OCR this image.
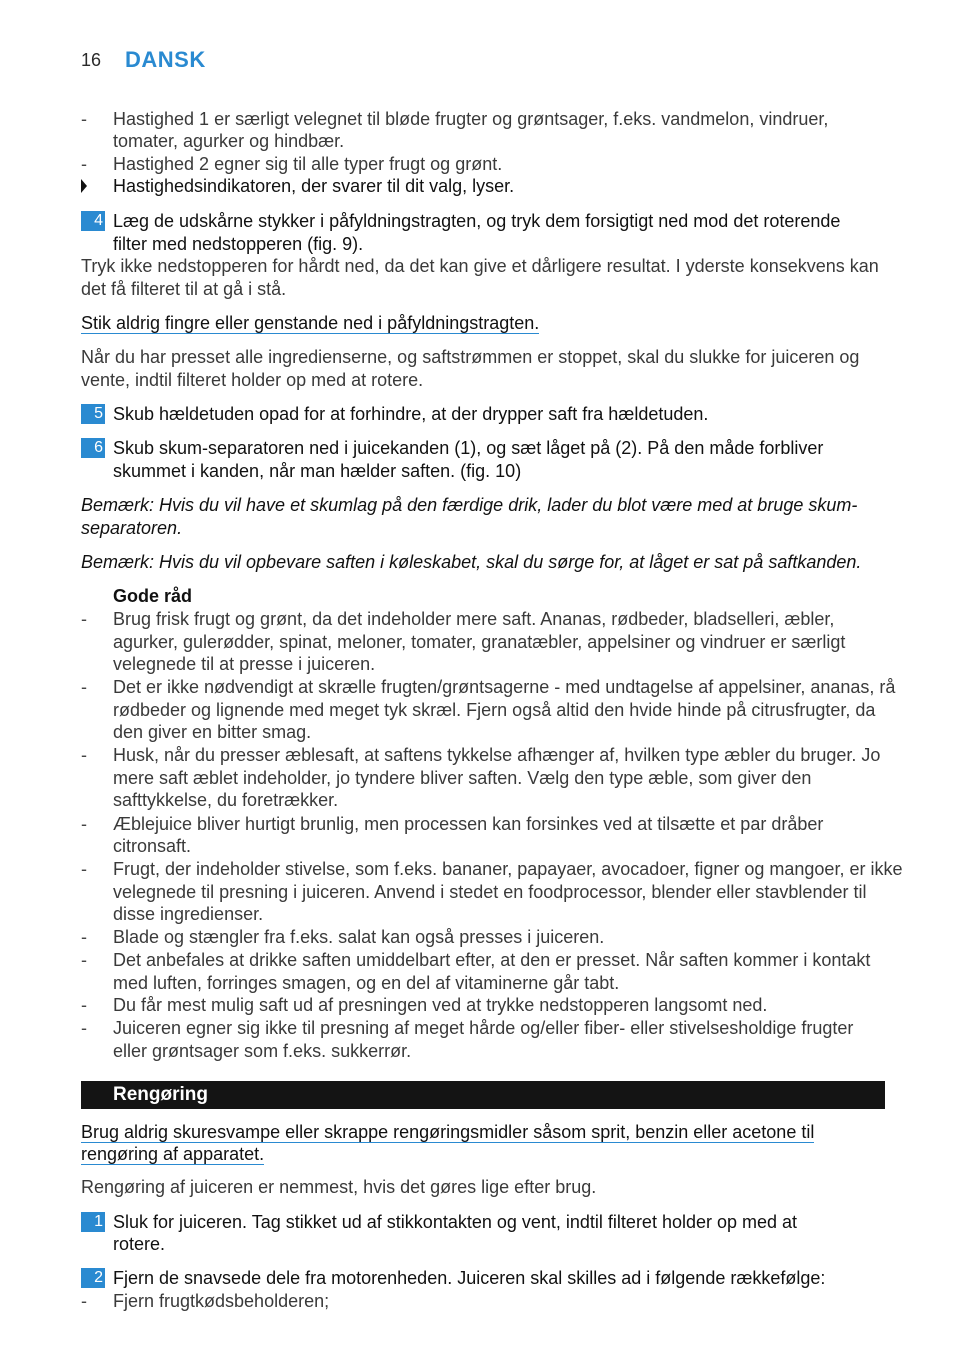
16 DANSK
- Hastighed 1 er særligt velegnet til bløde frugter og grøntsager, f.eks. vandmelon, vindruer,
tomater, agurker og hindbær.
- Hastighed 2 egner sig til alle typer frugt og grønt.
Hastighedsindikatoren, der svarer til dit valg, lyser.
4 Læg de udskårne stykker i påfyldningstragten, og tryk dem forsigtigt ned mod det roterende
filter med nedstopperen (fig. 9).
Tryk ikke nedstopperen for hårdt ned, da det kan give et dårligere resultat. I yderste konsekvens kan
det få filteret til at gå i stå.
Stik aldrig fingre eller genstande ned i påfyldningstragten.
Når du har presset alle ingredienserne, og saftstrømmen er stoppet, skal du slukke for juiceren og
vente, indtil filteret holder op med at rotere.
5 Skub hældetuden opad for at forhindre, at der drypper saft fra hældetuden.
6 Skub skum-separatoren ned i juicekanden (1), og sæt låget på (2). På den måde forbliver
skummet i kanden, når man hælder saften. (fig. 10)
Bemærk: Hvis du vil have et skumlag på den færdige drik, lader du blot være med at bruge skum-
separatoren.
Bemærk: Hvis du vil opbevare saften i køleskabet, skal du sørge for, at låget er sat på saftkanden.
Gode råd
- Brug frisk frugt og grønt, da det indeholder mere saft. Ananas, rødbeder, bladselleri, æbler,
agurker, gulerødder, spinat, meloner, tomater, granatæbler, appelsiner og vindruer er særligt
velegnede til at presse i juiceren.
- Det er ikke nødvendigt at skrælle frugten/grøntsagerne - med undtagelse af appelsiner, ananas, rå
rødbeder og lignende med meget tyk skræl. Fjern også altid den hvide hinde på citrusfrugter, da
den giver en bitter smag.
- Husk, når du presser æblesaft, at saftens tykkelse afhænger af, hvilken type æbler du bruger. Jo
mere saft æblet indeholder, jo tyndere bliver saften. Vælg den type æble, som giver den
safttykkelse, du foretrækker.
- Æblejuice bliver hurtigt brunlig, men processen kan forsinkes ved at tilsætte et par dråber
citronsaft.
- Frugt, der indeholder stivelse, som f.eks. bananer, papayaer, avocadoer, figner og mangoer, er ikke
velegnede til presning i juiceren. Anvend i stedet en foodprocessor, blender eller stavblender til
disse ingredienser.
- Blade og stængler fra f.eks. salat kan også presses i juiceren.
- Det anbefales at drikke saften umiddelbart efter, at den er presset. Når saften kommer i kontakt
med luften, forringes smagen, og en del af vitaminerne går tabt.
- Du får mest mulig saft ud af presningen ved at trykke nedstopperen langsomt ned.
- Juiceren egner sig ikke til presning af meget hårde og/eller fiber- eller stivelsesholdige frugter
eller grøntsager som f.eks. sukkerrør.
Rengøring
Brug aldrig skuresvampe eller skrappe rengøringsmidler såsom sprit, benzin eller acetone til
rengøring af apparatet.
Rengøring af juiceren er nemmest, hvis det gøres lige efter brug.
1 Sluk for juiceren. Tag stikket ud af stikkontakten og vent, indtil filteret holder op med at
rotere.
2 Fjern de snavsede dele fra motorenheden. Juiceren skal skilles ad i følgende rækkefølge:
- Fjern frugtkødsbeholderen;
